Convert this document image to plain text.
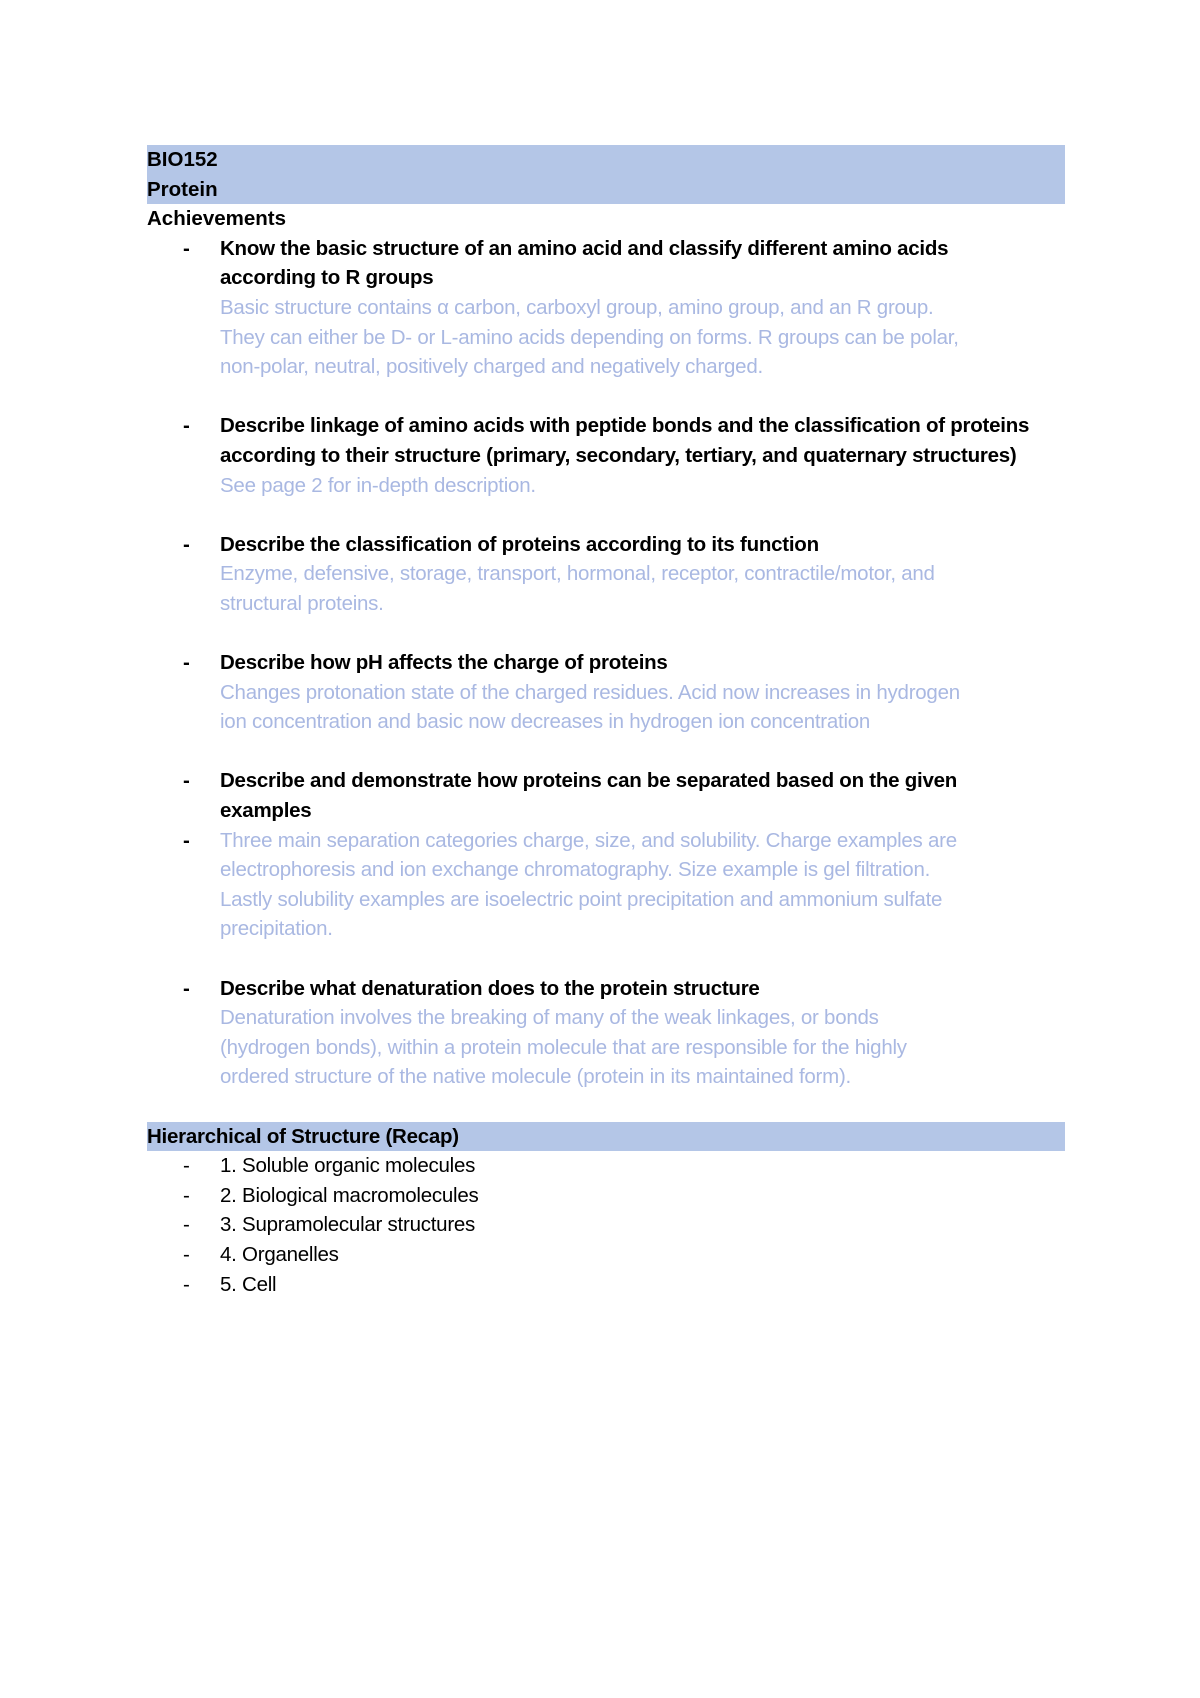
BIO152
Protein
Achievements
- Know the basic structure of an amino acid and classify different amino acids
according to R groups
Basic structure contains α carbon, carboxyl group, amino group, and an R group.
They can either be D- or L-amino acids depending on forms. R groups can be polar,
non-polar, neutral, positively charged and negatively charged.
- Describe linkage of amino acids with peptide bonds and the classification of proteins
according to their structure (primary, secondary, tertiary, and quaternary structures)
See page 2 for in-depth description.
- Describe the classification of proteins according to its function
Enzyme, defensive, storage, transport, hormonal, receptor, contractile/motor, and
structural proteins.
- Describe how pH affects the charge of proteins
Changes protonation state of the charged residues. Acid now increases in hydrogen
ion concentration and basic now decreases in hydrogen ion concentration
- Describe and demonstrate how proteins can be separated based on the given
examples
- Three main separation categories charge, size, and solubility. Charge examples are
electrophoresis and ion exchange chromatography. Size example is gel filtration.
Lastly solubility examples are isoelectric point precipitation and ammonium sulfate
precipitation.
- Describe what denaturation does to the protein structure
Denaturation involves the breaking of many of the weak linkages, or bonds
(hydrogen bonds), within a protein molecule that are responsible for the highly
ordered structure of the native molecule (protein in its maintained form).
Hierarchical of Structure (Recap)
- 1. Soluble organic molecules
- 2. Biological macromolecules
- 3. Supramolecular structures
- 4. Organelles
- 5. Cell
